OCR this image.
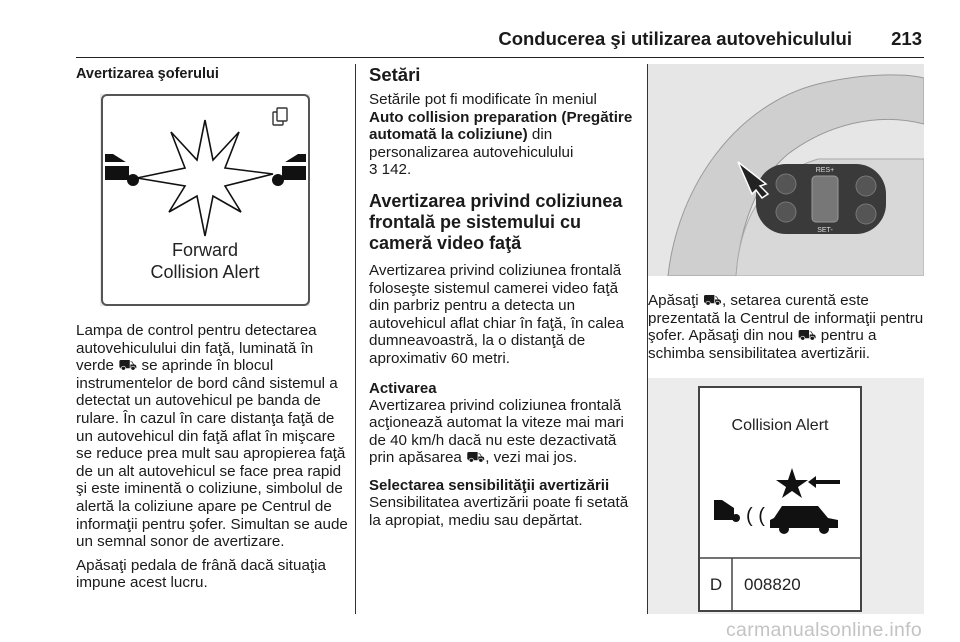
Conducerea şi utilizarea autovehiculului 213
Avertizarea şoferului
Forward
Collision Alert

Lampa de control pentru detectarea autovehiculului din faţă, luminată în verde ⛟ se aprinde în blocul instrumentelor de bord când sistemul a detectat un autovehicul pe banda de rulare. În cazul în care distanţa faţă de un autovehicul din faţă aflat în mişcare se reduce prea mult sau apropierea faţă de un alt autovehicul se face prea rapid şi este iminentă o coliziune, simbolul de alertă la coliziune apare pe Centrul de informaţii pentru şofer. Simultan se aude un semnal sonor de avertizare.

Apăsaţi pedala de frână dacă situaţia impune acest lucru.

Setări

Setările pot fi modificate în meniul
Auto collision preparation (Pregătire automată la coliziune) din personalizarea autovehiculului
3 142.

Avertizarea privind coliziunea frontală pe sistemului cu cameră video faţă

Avertizarea privind coliziunea frontală foloseşte sistemul camerei video faţă din parbriz pentru a detecta un autovehicul aflat chiar în faţă, în calea dumneavoastră, la o distanţă de aproximativ 60 metri.

Activarea

Avertizarea privind coliziunea frontală acţionează automat la viteze mai mari de 40 km/h dacă nu este dezactivată prin apăsarea ⛟, vezi mai jos.

Selectarea sensibilităţii avertizării

Sensibilitatea avertizării poate fi setată la apropiat, mediu sau depărtat.

RES+
SET-

Apăsaţi ⛟, setarea curentă este prezentată la Centrul de informaţii pentru şofer. Apăsaţi din nou ⛟ pentru a schimba sensibilitatea avertizării.

Collision Alert
( (
D 008820
carmanualsonline.info
